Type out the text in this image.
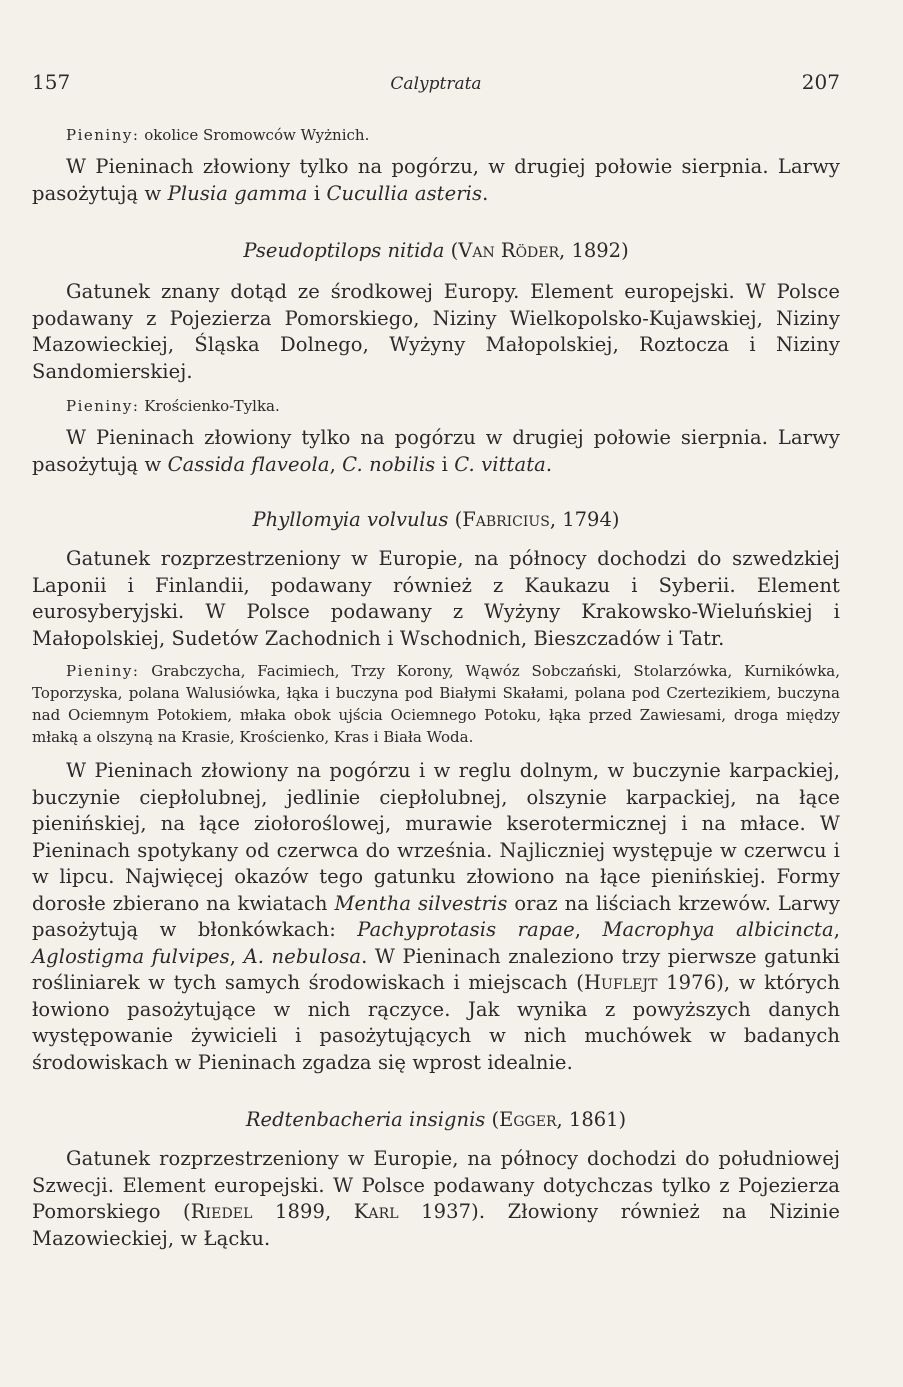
157	Calyptrata	207

Pieniny: okolice Sromowców Wyżnich.

W Pieninach złowiony tylko na pogórzu, w drugiej połowie sierpnia. Larwy pasożytują w Plusia gamma i Cucullia asteris.

Pseudoptilops nitida (Van Röder, 1892)

Gatunek znany dotąd ze środkowej Europy. Element europejski. W Polsce podawany z Pojezierza Pomorskiego, Niziny Wielkopolsko-Kujawskiej, Niziny Mazowieckiej, Śląska Dolnego, Wyżyny Małopolskiej, Roztocza i Niziny Sandomierskiej.

Pieniny: Krościenko-Tylka.

W Pieninach złowiony tylko na pogórzu w drugiej połowie sierpnia. Larwy pasożytują w Cassida flaveola, C. nobilis i C. vittata.

Phyllomyia volvulus (Fabricius, 1794)

Gatunek rozprzestrzeniony w Europie, na północy dochodzi do szwedzkiej Laponii i Finlandii, podawany również z Kaukazu i Syberii. Element eurosyberyjski. W Polsce podawany z Wyżyny Krakowsko-Wieluńskiej i Małopolskiej, Sudetów Zachodnich i Wschodnich, Bieszczadów i Tatr.

Pieniny: Grabczycha, Facimiech, Trzy Korony, Wąwóz Sobczański, Stolarzówka, Kurnikówka, Toporzyska, polana Walusiówka, łąka i buczyna pod Białymi Skałami, polana pod Czertezikiem, buczyna nad Ociemnym Potokiem, młaka obok ujścia Ociemnego Potoku, łąka przed Zawiesami, droga między młaką a olszyną na Krasie, Krościenko, Kras i Biała Woda.

W Pieninach złowiony na pogórzu i w reglu dolnym, w buczynie karpackiej, buczynie ciepłolubnej, jedlinie ciepłolubnej, olszynie karpackiej, na łące pienińskiej, na łące ziołoroślowej, murawie kserotermicznej i na młace. W Pieninach spotykany od czerwca do września. Najliczniej występuje w czerwcu i w lipcu. Najwięcej okazów tego gatunku złowiono na łące pienińskiej. Formy dorosłe zbierano na kwiatach Mentha silvestris oraz na liściach krzewów. Larwy pasożytują w błonkówkach: Pachyprotasis rapae, Macrophya albicincta, Aglostigma fulvipes, A. nebulosa. W Pieninach znaleziono trzy pierwsze gatunki rośliniarek w tych samych środowiskach i miejscach (Huflejt 1976), w których łowiono pasożytujące w nich rączyce. Jak wynika z powyższych danych występowanie żywicieli i pasożytujących w nich muchówek w badanych środowiskach w Pieninach zgadza się wprost idealnie.

Redtenbacheria insignis (Egger, 1861)

Gatunek rozprzestrzeniony w Europie, na północy dochodzi do południowej Szwecji. Element europejski. W Polsce podawany dotychczas tylko z Pojezierza Pomorskiego (Riedel 1899, Karl 1937). Złowiony również na Nizinie Mazowieckiej, w Łącku.
